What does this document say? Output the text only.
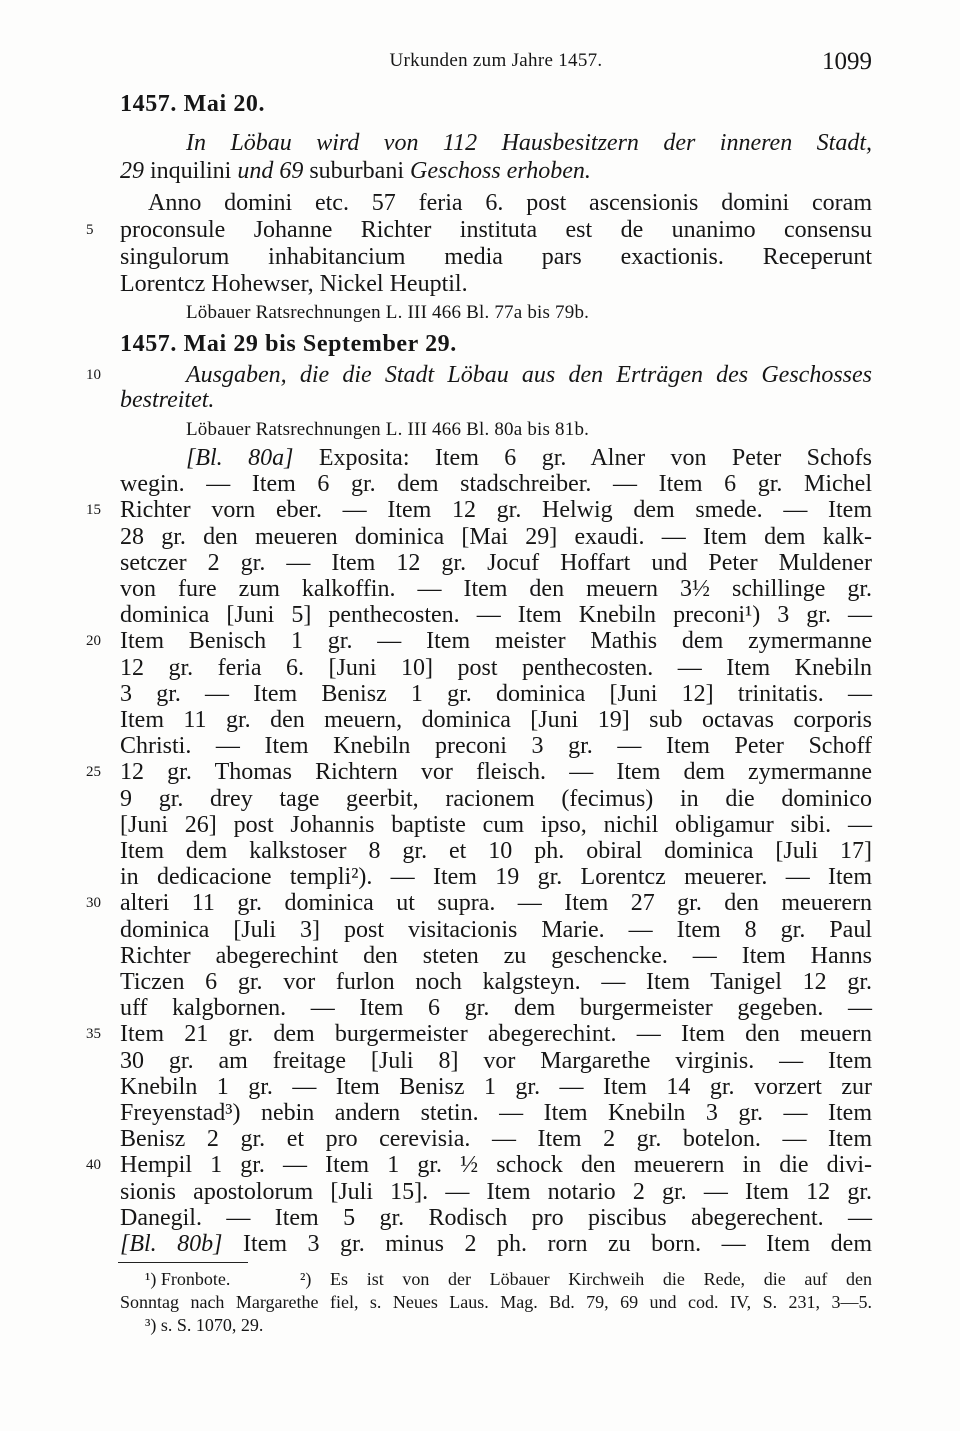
Urkunden zum Jahre 1457.	1099
1457. Mai 20.
In Löbau wird von 112 Hausbesitzern der inneren Stadt,
29 inquilini und 69 suburbani Geschoss erhoben.
Anno domini etc. 57 feria 6. post ascensionis domini coram
5	proconsule Johanne Richter instituta est de unanimo consensu
singulorum inhabitancium media pars exactionis. Receperunt
Lorentcz Hohewser, Nickel Heuptil.
Löbauer Ratsrechnungen L. III 466 Bl. 77a bis 79b.
1457. Mai 29 bis September 29.
10	Ausgaben, die die Stadt Löbau aus den Erträgen des Geschosses
bestreitet.
Löbauer Ratsrechnungen L. III 466 Bl. 80a bis 81b.
[Bl. 80a] Exposita: Item 6 gr. Alner von Peter Schofs
wegin. — Item 6 gr. dem stadschreiber. — Item 6 gr. Michel
15 Richter vorn eber. — Item 12 gr. Helwig dem smede. — Item
28 gr. den meueren dominica [Mai 29] exaudi. — Item dem kalk-
setczer 2 gr. — Item 12 gr. Jocuf Hoffart und Peter Muldener
von fure zum kalkoffin. — Item den meuern 3½ schillinge gr.
dominica [Juni 5] penthecosten. — Item Knebiln preconi¹) 3 gr. —
20 Item Benisch 1 gr. — Item meister Mathis dem zymermanne
12 gr. feria 6. [Juni 10] post penthecosten. — Item Knebiln
3 gr. — Item Benisz 1 gr. dominica [Juni 12] trinitatis. —
Item 11 gr. den meuern, dominica [Juni 19] sub octavas corporis
Christi. — Item Knebiln preconi 3 gr. — Item Peter Schoff
25 12 gr. Thomas Richtern vor fleisch. — Item dem zymermanne
9 gr. drey tage geerbit, racionem (fecimus) in die dominico
[Juni 26] post Johannis baptiste cum ipso, nichil obligamur sibi. —
Item dem kalkstoser 8 gr. et 10 ph. obiral dominica [Juli 17]
in dedicacione templi²). — Item 19 gr. Lorentcz meuerer. — Item
30 alteri 11 gr. dominica ut supra. — Item 27 gr. den meuerern
dominica [Juli 3] post visitacionis Marie. — Item 8 gr. Paul
Richter abegerechint den steten zu geschencke. — Item Hanns
Ticzen 6 gr. vor furlon noch kalgsteyn. — Item Tanigel 12 gr.
uff kalgbornen. — Item 6 gr. dem burgermeister gegeben. —
35 Item 21 gr. dem burgermeister abegerechint. — Item den meuern
30 gr. am freitage [Juli 8] vor Margarethe virginis. — Item
Knebiln 1 gr. — Item Benisz 1 gr. — Item 14 gr. vorzert zur
Freyenstad³) nebin andern stetin. — Item Knebiln 3 gr. — Item
Benisz 2 gr. et pro cerevisia. — Item 2 gr. botelon. — Item
40 Hempil 1 gr. — Item 1 gr. ½ schock den meuerern in die divi-
sionis apostolorum [Juli 15]. — Item notario 2 gr. — Item 12 gr.
Danegil. — Item 5 gr. Rodisch pro piscibus abegerechent. —
[Bl. 80b] Item 3 gr. minus 2 ph. rorn zu born. — Item dem
¹) Fronbote.	²) Es ist von der Löbauer Kirchweih die Rede, die auf den
Sonntag nach Margarethe fiel, s. Neues Laus. Mag. Bd. 79, 69 und cod. IV, S. 231, 3—5.
³) s. S. 1070, 29.
